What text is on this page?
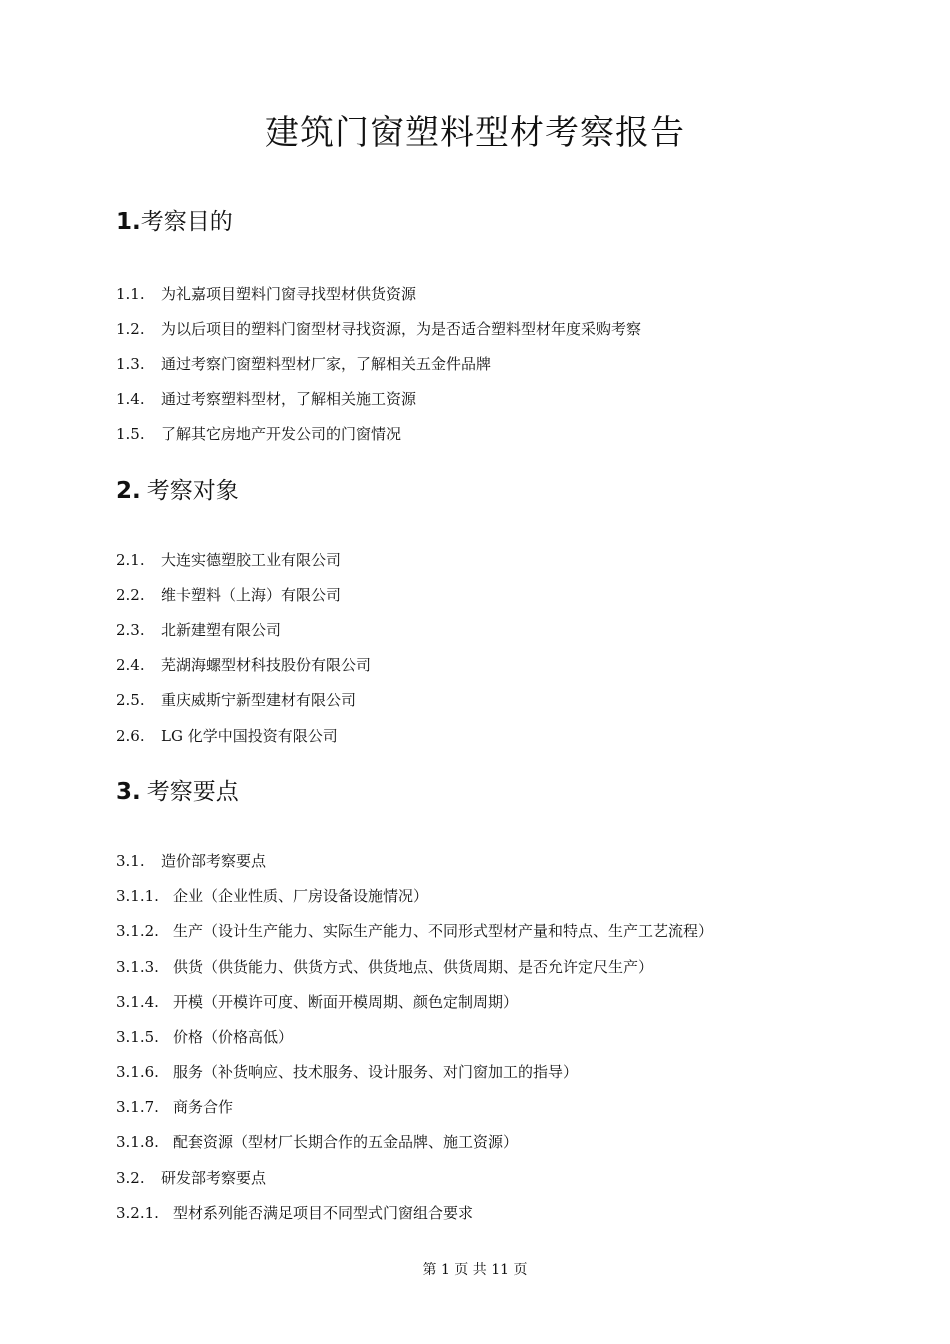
建筑门窗塑料型材考察报告
1.考察目的
1.1. 为礼嘉项目塑料门窗寻找型材供货资源
1.2. 为以后项目的塑料门窗型材寻找资源，为是否适合塑料型材年度采购考察
1.3. 通过考察门窗塑料型材厂家，了解相关五金件品牌
1.4. 通过考察塑料型材，了解相关施工资源
1.5. 了解其它房地产开发公司的门窗情况
2. 考察对象
2.1. 大连实德塑胶工业有限公司
2.2. 维卡塑料（上海）有限公司
2.3. 北新建塑有限公司
2.4. 芜湖海螺型材科技股份有限公司
2.5. 重庆威斯宁新型建材有限公司
2.6. LG 化学中国投资有限公司
3. 考察要点
3.1. 造价部考察要点
3.1.1. 企业（企业性质、厂房设备设施情况）
3.1.2. 生产（设计生产能力、实际生产能力、不同形式型材产量和特点、生产工艺流程）
3.1.3. 供货（供货能力、供货方式、供货地点、供货周期、是否允许定尺生产）
3.1.4. 开模（开模许可度、断面开模周期、颜色定制周期）
3.1.5. 价格（价格高低）
3.1.6. 服务（补货响应、技术服务、设计服务、对门窗加工的指导）
3.1.7. 商务合作
3.1.8. 配套资源（型材厂长期合作的五金品牌、施工资源）
3.2. 研发部考察要点
3.2.1. 型材系列能否满足项目不同型式门窗组合要求
第 1 页 共 11 页
